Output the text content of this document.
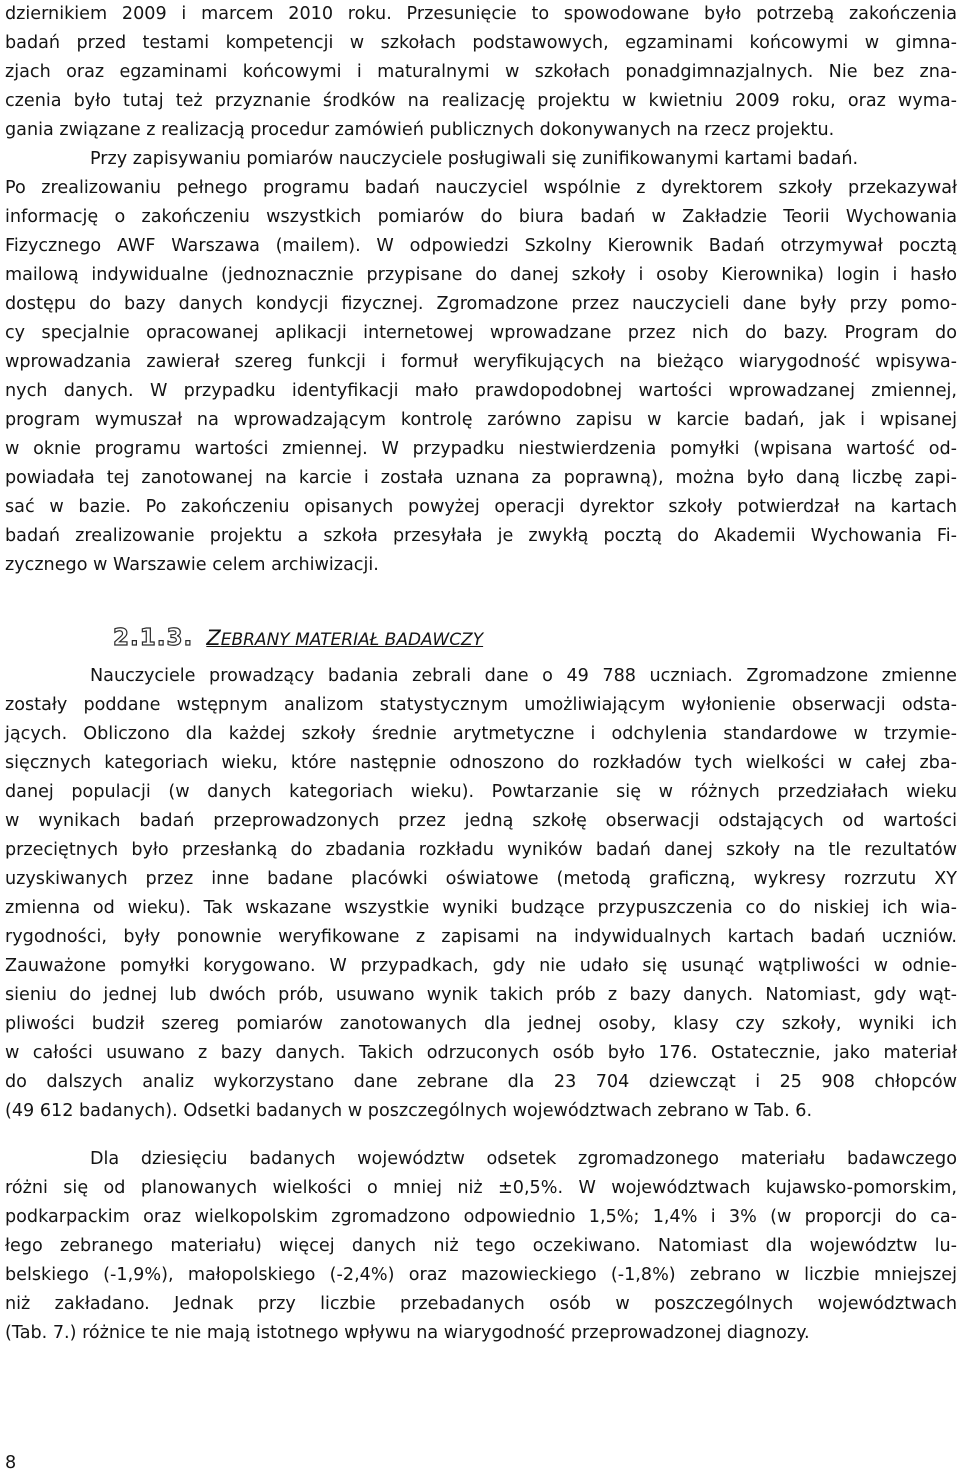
dziernikiem 2009 i marcem 2010 roku. Przesunięcie to spowodowane było potrzebą zakończenia
badań przed testami kompetencji w szkołach podstawowych, egzaminami końcowymi w gimna-
zjach oraz egzaminami końcowymi i maturalnymi w szkołach ponadgimnazjalnych. Nie bez zna-
czenia było tutaj też przyznanie środków na realizację projektu w kwietniu 2009 roku, oraz wyma-
gania związane z realizacją procedur zamówień publicznych dokonywanych na rzecz projektu.
Przy zapisywaniu pomiarów nauczyciele posługiwali się zunifikowanymi kartami badań.
Po zrealizowaniu pełnego programu badań nauczyciel wspólnie z dyrektorem szkoły przekazywał
informację o zakończeniu wszystkich pomiarów do biura badań w Zakładzie Teorii Wychowania
Fizycznego AWF Warszawa (mailem). W odpowiedzi Szkolny Kierownik Badań otrzymywał pocztą
mailową indywidualne (jednoznacznie przypisane do danej szkoły i osoby Kierownika) login i hasło
dostępu do bazy danych kondycji fizycznej. Zgromadzone przez nauczycieli dane były przy pomo-
cy specjalnie opracowanej aplikacji internetowej wprowadzane przez nich do bazy. Program do
wprowadzania zawierał szereg funkcji i formuł weryfikujących na bieżąco wiarygodność wpisywa-
nych danych. W przypadku identyfikacji mało prawdopodobnej wartości wprowadzanej zmiennej,
program wymuszał na wprowadzającym kontrolę zarówno zapisu w karcie badań, jak i wpisanej
w oknie programu wartości zmiennej. W przypadku niestwierdzenia pomyłki (wpisana wartość od-
powiadała tej zanotowanej na karcie i została uznana za poprawną), można było daną liczbę zapi-
sać w bazie. Po zakończeniu opisanych powyżej operacji dyrektor szkoły potwierdzał na kartach
badań zrealizowanie projektu a szkoła przesyłała je zwykłą pocztą do Akademii Wychowania Fi-
zycznego w Warszawie celem archiwizacji.
2.1.3. ZEBRANY MATERIAŁ BADAWCZY
Nauczyciele prowadzący badania zebrali dane o 49 788 uczniach. Zgromadzone zmienne
zostały poddane wstępnym analizom statystycznym umożliwiającym wyłonienie obserwacji odsta-
jących. Obliczono dla każdej szkoły średnie arytmetyczne i odchylenia standardowe w trzymie-
sięcznych kategoriach wieku, które następnie odnoszono do rozkładów tych wielkości w całej zba-
danej populacji (w danych kategoriach wieku). Powtarzanie się w różnych przedziałach wieku
w wynikach badań przeprowadzonych przez jedną szkołę obserwacji odstających od wartości
przeciętnych było przesłanką do zbadania rozkładu wyników badań danej szkoły na tle rezultatów
uzyskiwanych przez inne badane placówki oświatowe (metodą graficzną, wykresy rozrzutu XY
zmienna od wieku). Tak wskazane wszystkie wyniki budzące przypuszczenia co do niskiej ich wia-
rygodności, były ponownie weryfikowane z zapisami na indywidualnych kartach badań uczniów.
Zauważone pomyłki korygowano. W przypadkach, gdy nie udało się usunąć wątpliwości w odnie-
sieniu do jednej lub dwóch prób, usuwano wynik takich prób z bazy danych. Natomiast, gdy wąt-
pliwości budził szereg pomiarów zanotowanych dla jednej osoby, klasy czy szkoły, wyniki ich
w całości usuwano z bazy danych. Takich odrzuconych osób było 176. Ostatecznie, jako materiał
do dalszych analiz wykorzystano dane zebrane dla 23 704 dziewcząt i 25 908 chłopców
(49 612 badanych). Odsetki badanych w poszczególnych województwach zebrano w Tab. 6.
Dla dziesięciu badanych województw odsetek zgromadzonego materiału badawczego
różni się od planowanych wielkości o mniej niż ±0,5%. W województwach kujawsko-pomorskim,
podkarpackim oraz wielkopolskim zgromadzono odpowiednio 1,5%; 1,4% i 3% (w proporcji do ca-
łego zebranego materiału) więcej danych niż tego oczekiwano. Natomiast dla województw lu-
belskiego (-1,9%), małopolskiego (-2,4%) oraz mazowieckiego (-1,8%) zebrano w liczbie mniejszej
niż zakładano. Jednak przy liczbie przebadanych osób w poszczególnych województwach
(Tab. 7.) różnice te nie mają istotnego wpływu na wiarygodność przeprowadzonej diagnozy.
8
